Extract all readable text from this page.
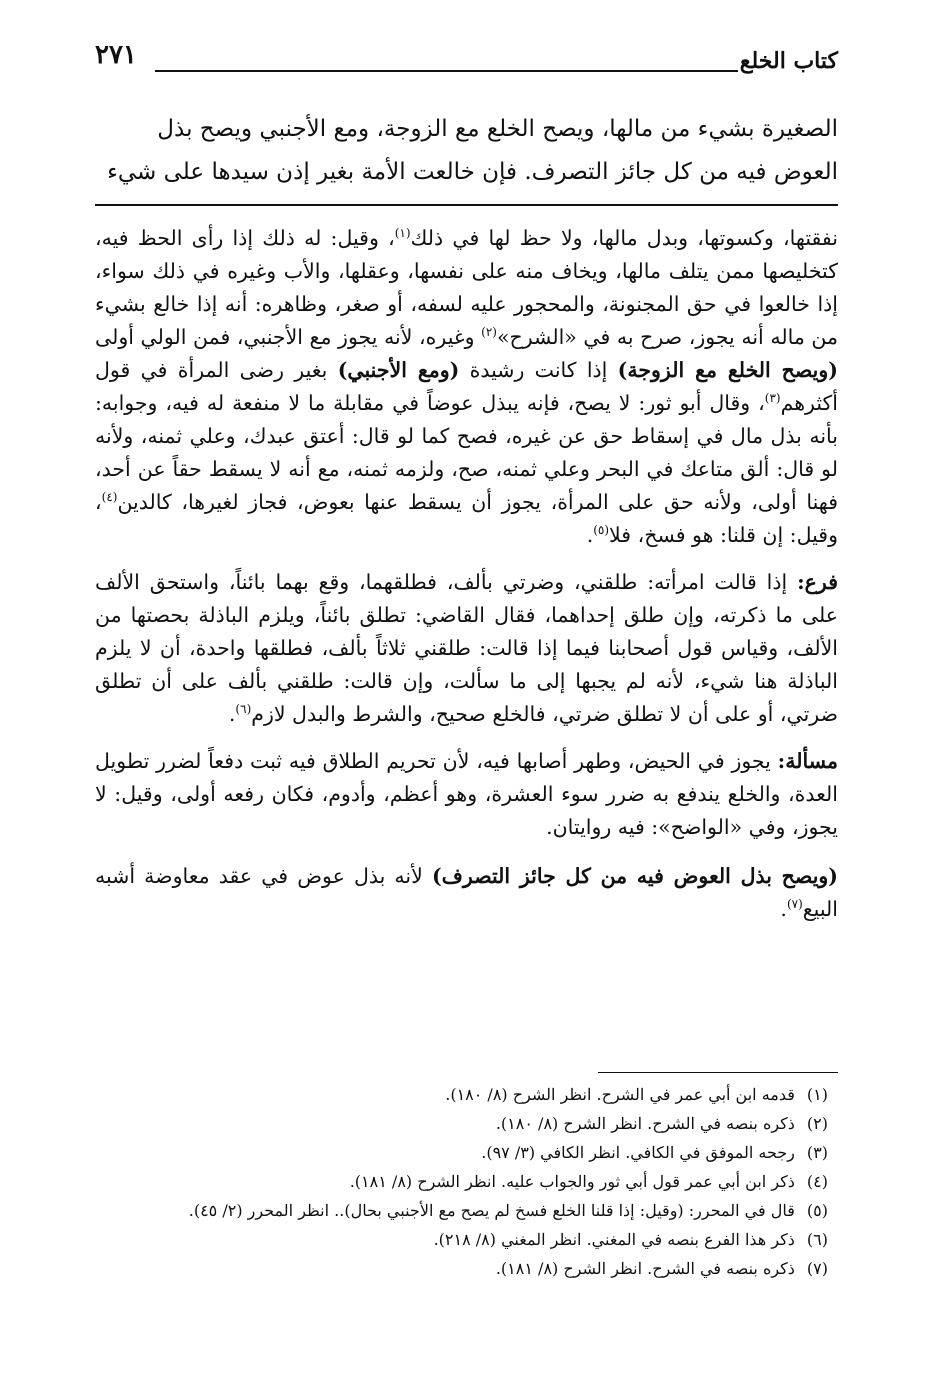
كتاب الخلع
٢٧١
الصغيرة بشيء من مالها، ويصح الخلع مع الزوجة، ومع الأجنبي ويصح بذل
العوض فيه من كل جائز التصرف. فإن خالعت الأمة بغير إذن سيدها على شيء

نفقتها، وكسوتها، وبدل مالها، ولا حظ لها في ذلك$^{(١)}$، وقيل: له ذلك إذا رأى الحظ فيه، كتخليصها ممن يتلف مالها، ويخاف منه على نفسها، وعقلها، والأب وغيره في ذلك سواء، إذا خالعوا في حق المجنونة، والمحجور عليه لسفه، أو صغر، وظاهره: أنه إذا خالع بشيء من ماله أنه يجوز، صرح به في «الشرح»$^{(٢)}$ وغيره، لأنه يجوز مع الأجنبي، فمن الولي أولى (ويصح الخلع مع الزوجة) إذا كانت رشيدة (ومع الأجنبي) بغير رضى المرأة في قول أكثرهم$^{(٣)}$، وقال أبو ثور: لا يصح، فإنه يبذل عوضاً في مقابلة ما لا منفعة له فيه، وجوابه: بأنه بذل مال في إسقاط حق عن غيره، فصح كما لو قال: أعتق عبدك، وعلي ثمنه، ولأنه لو قال: ألق متاعك في البحر وعلي ثمنه، صح، ولزمه ثمنه، مع أنه لا يسقط حقاً عن أحد، فهنا أولى، ولأنه حق على المرأة، يجوز أن يسقط عنها بعوض، فجاز لغيرها، كالدين$^{(٤)}$، وقيل: إن قلنا: هو فسخ، فلا$^{(٥)}$.

فرع: إذا قالت امرأته: طلقني، وضرتي بألف، فطلقهما، وقع بهما بائناً، واستحق الألف على ما ذكرته، وإن طلق إحداهما، فقال القاضي: تطلق بائناً، ويلزم الباذلة بحصتها من الألف، وقياس قول أصحابنا فيما إذا قالت: طلقني ثلاثاً بألف، فطلقها واحدة، أن لا يلزم الباذلة هنا شيء، لأنه لم يجبها إلى ما سألت، وإن قالت: طلقني بألف على أن تطلق ضرتي، أو على أن لا تطلق ضرتي، فالخلع صحيح، والشرط والبدل لازم$^{(٦)}$.

مسألة: يجوز في الحيض، وطهر أصابها فيه، لأن تحريم الطلاق فيه ثبت دفعاً لضرر تطويل العدة، والخلع يندفع به ضرر سوء العشرة، وهو أعظم، وأدوم، فكان رفعه أولى، وقيل: لا يجوز، وفي «الواضح»: فيه روايتان.

(ويصح بذل العوض فيه من كل جائز التصرف) لأنه بذل عوض في عقد معاوضة أشبه البيع$^{(٧)}$.

(١) قدمه ابن أبي عمر في الشرح. انظر الشرح (٨/ ١٨٠).

(٢) ذكره بنصه في الشرح. انظر الشرح (٨/ ١٨٠).

(٣) رجحه الموفق في الكافي. انظر الكافي (٣/ ٩٧).

(٤) ذكر ابن أبي عمر قول أبي ثور والجواب عليه. انظر الشرح (٨/ ١٨١).

(٥) قال في المحرر: (وقيل: إذا قلنا الخلع فسخ لم يصح مع الأجنبي بحال).. انظر المحرر (٢/ ٤٥).

(٦) ذكر هذا الفرع بنصه في المغني. انظر المغني (٨/ ٢١٨).

(٧) ذكره بنصه في الشرح. انظر الشرح (٨/ ١٨١).
